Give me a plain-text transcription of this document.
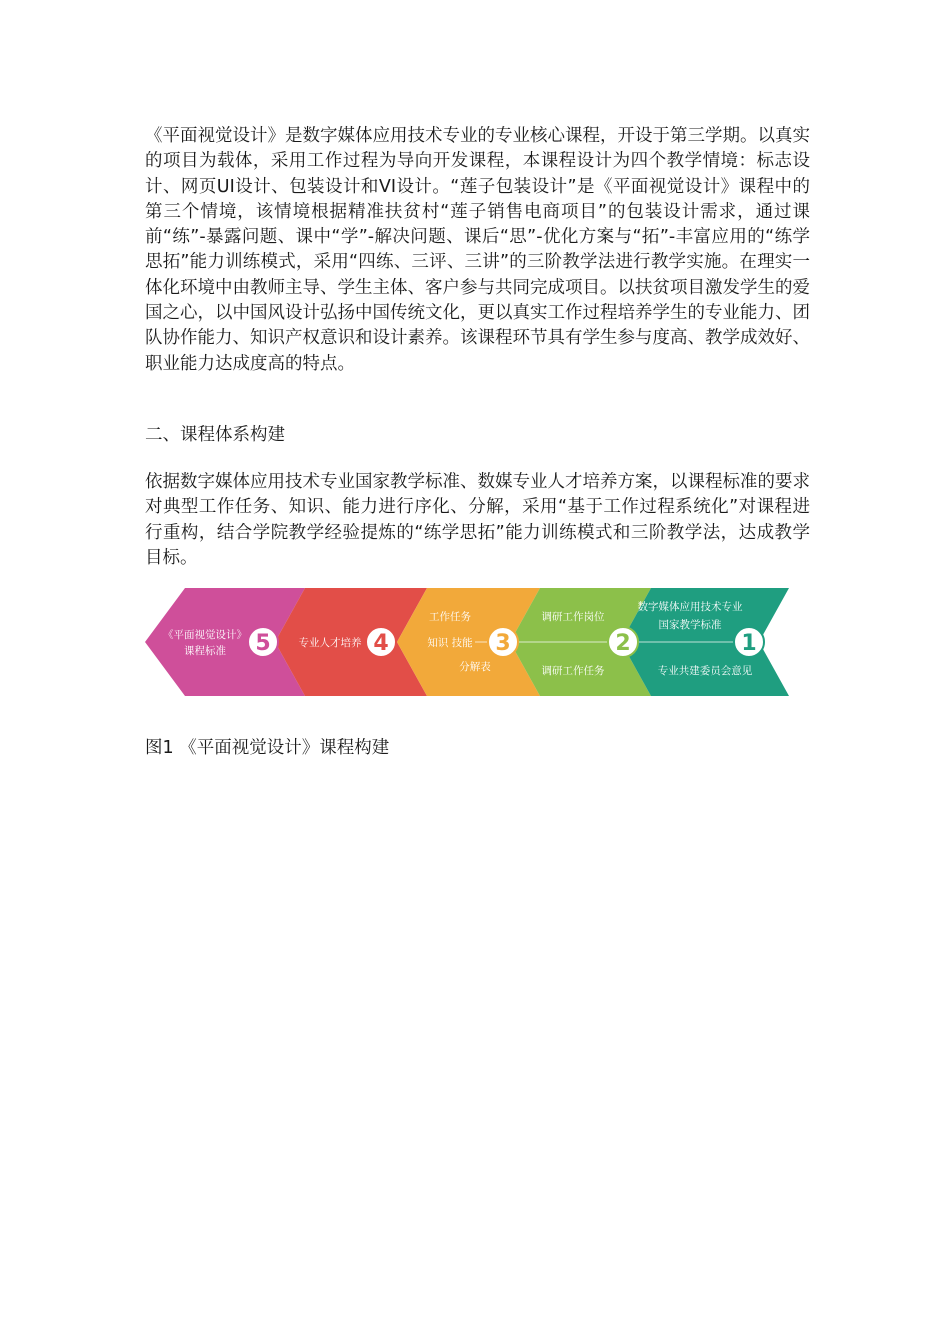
《平面视觉设计》是数字媒体应用技术专业的专业核心课程，开设于第三学期。以真实的项目为载体，采用工作过程为导向开发课程，本课程设计为四个教学情境：标志设计、网页UI设计、包装设计和VI设计。“莲子包装设计”是《平面视觉设计》课程中的第三个情境，该情境根据精准扶贫村“莲子销售电商项目”的包装设计需求，通过课前“练”-暴露问题、课中“学”-解决问题、课后“思”-优化方案与“拓”-丰富应用的“练学思拓”能力训练模式，采用“四练、三评、三讲”的三阶教学法进行教学实施。在理实一体化环境中由教师主导、学生主体、客户参与共同完成项目。以扶贫项目激发学生的爱国之心，以中国风设计弘扬中国传统文化，更以真实工作过程培养学生的专业能力、团队协作能力、知识产权意识和设计素养。该课程环节具有学生参与度高、教学成效好、职业能力达成度高的特点。

二、课程体系构建

依据数字媒体应用技术专业国家教学标准、数媒专业人才培养方案，以课程标准的要求对典型工作任务、知识、能力进行序化、分解，采用“基于工作过程系统化”对课程进行重构，结合学院教学经验提炼的“练学思拓”能力训练模式和三阶教学法，达成教学目标。

5	4	3	2	1
《平面视觉设计》
课程标准
专业人才培养
工作任务
知识 技能
分解表
调研工作岗位
调研工作任务
数字媒体应用技术专业
国家教学标准
专业共建委员会意见

图1 《平面视觉设计》课程构建
